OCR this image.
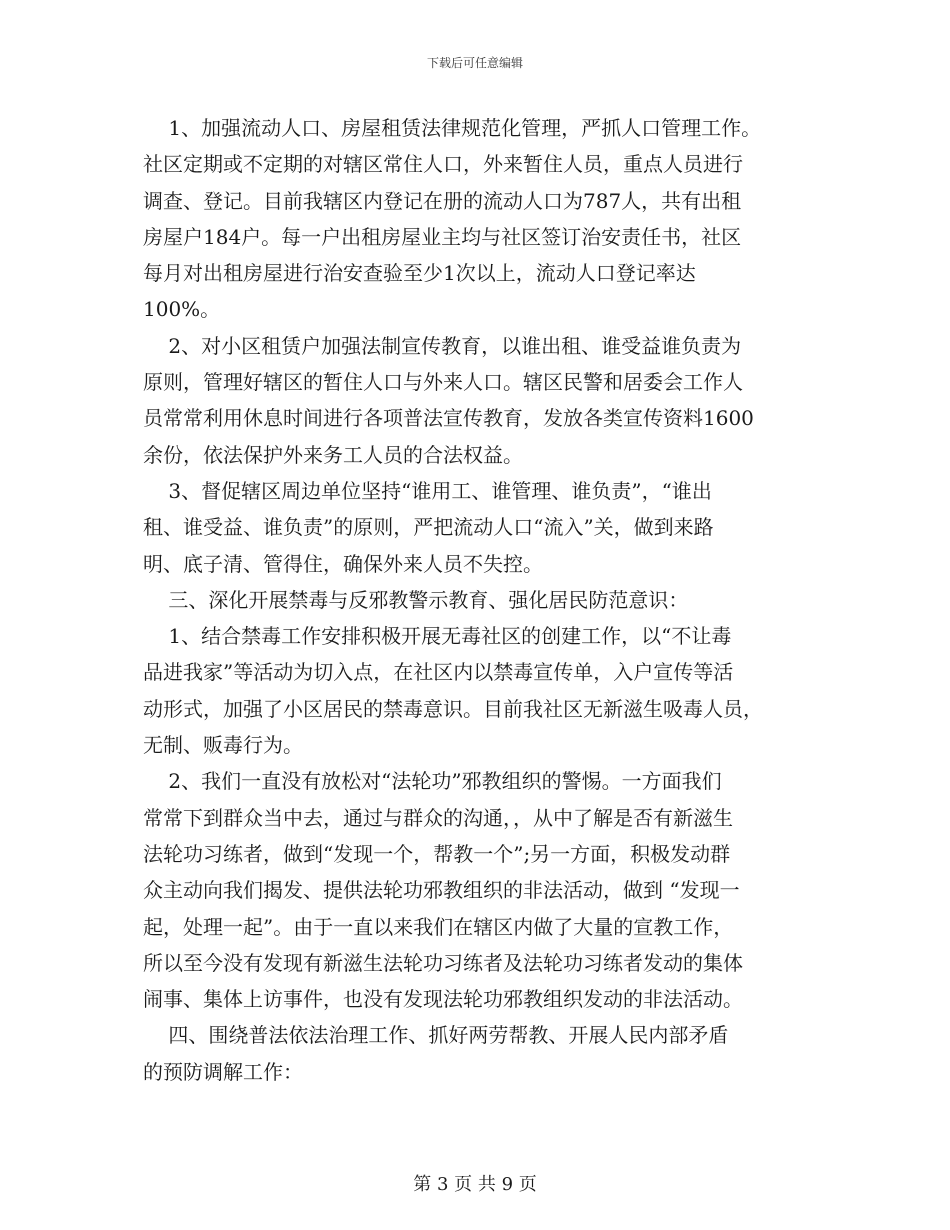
下载后可任意编辑
1、加强流动人口、房屋租赁法律规范化管理，严抓人口管理工作。
社区定期或不定期的对辖区常住人口，外来暂住人员，重点人员进行
调查、登记。目前我辖区内登记在册的流动人口为787人，共有出租
房屋户184户。每一户出租房屋业主均与社区签订治安责任书，社区
每月对出租房屋进行治安查验至少1次以上，流动人口登记率达
100%。
2、对小区租赁户加强法制宣传教育，以谁出租、谁受益谁负责为
原则，管理好辖区的暂住人口与外来人口。辖区民警和居委会工作人
员常常利用休息时间进行各项普法宣传教育，发放各类宣传资料1600
余份，依法保护外来务工人员的合法权益。
3、督促辖区周边单位坚持“谁用工、谁管理、谁负责”，“谁出
租、谁受益、谁负责”的原则，严把流动人口“流入”关，做到来路
明、底子清、管得住，确保外来人员不失控。
三、深化开展禁毒与反邪教警示教育、强化居民防范意识：
1、结合禁毒工作安排积极开展无毒社区的创建工作，以“不让毒
品进我家”等活动为切入点，在社区内以禁毒宣传单，入户宣传等活
动形式，加强了小区居民的禁毒意识。目前我社区无新滋生吸毒人员，
无制、贩毒行为。
2、我们一直没有放松对“法轮功”邪教组织的警惕。一方面我们
常常下到群众当中去，通过与群众的沟通，，从中了解是否有新滋生
法轮功习练者，做到“发现一个，帮教一个”;另一方面，积极发动群
众主动向我们揭发、提供法轮功邪教组织的非法活动，做到 “发现一
起，处理一起”。由于一直以来我们在辖区内做了大量的宣教工作，
所以至今没有发现有新滋生法轮功习练者及法轮功习练者发动的集体
闹事、集体上访事件，也没有发现法轮功邪教组织发动的非法活动。
四、围绕普法依法治理工作、抓好两劳帮教、开展人民内部矛盾
的预防调解工作：
第 3 页 共 9 页
